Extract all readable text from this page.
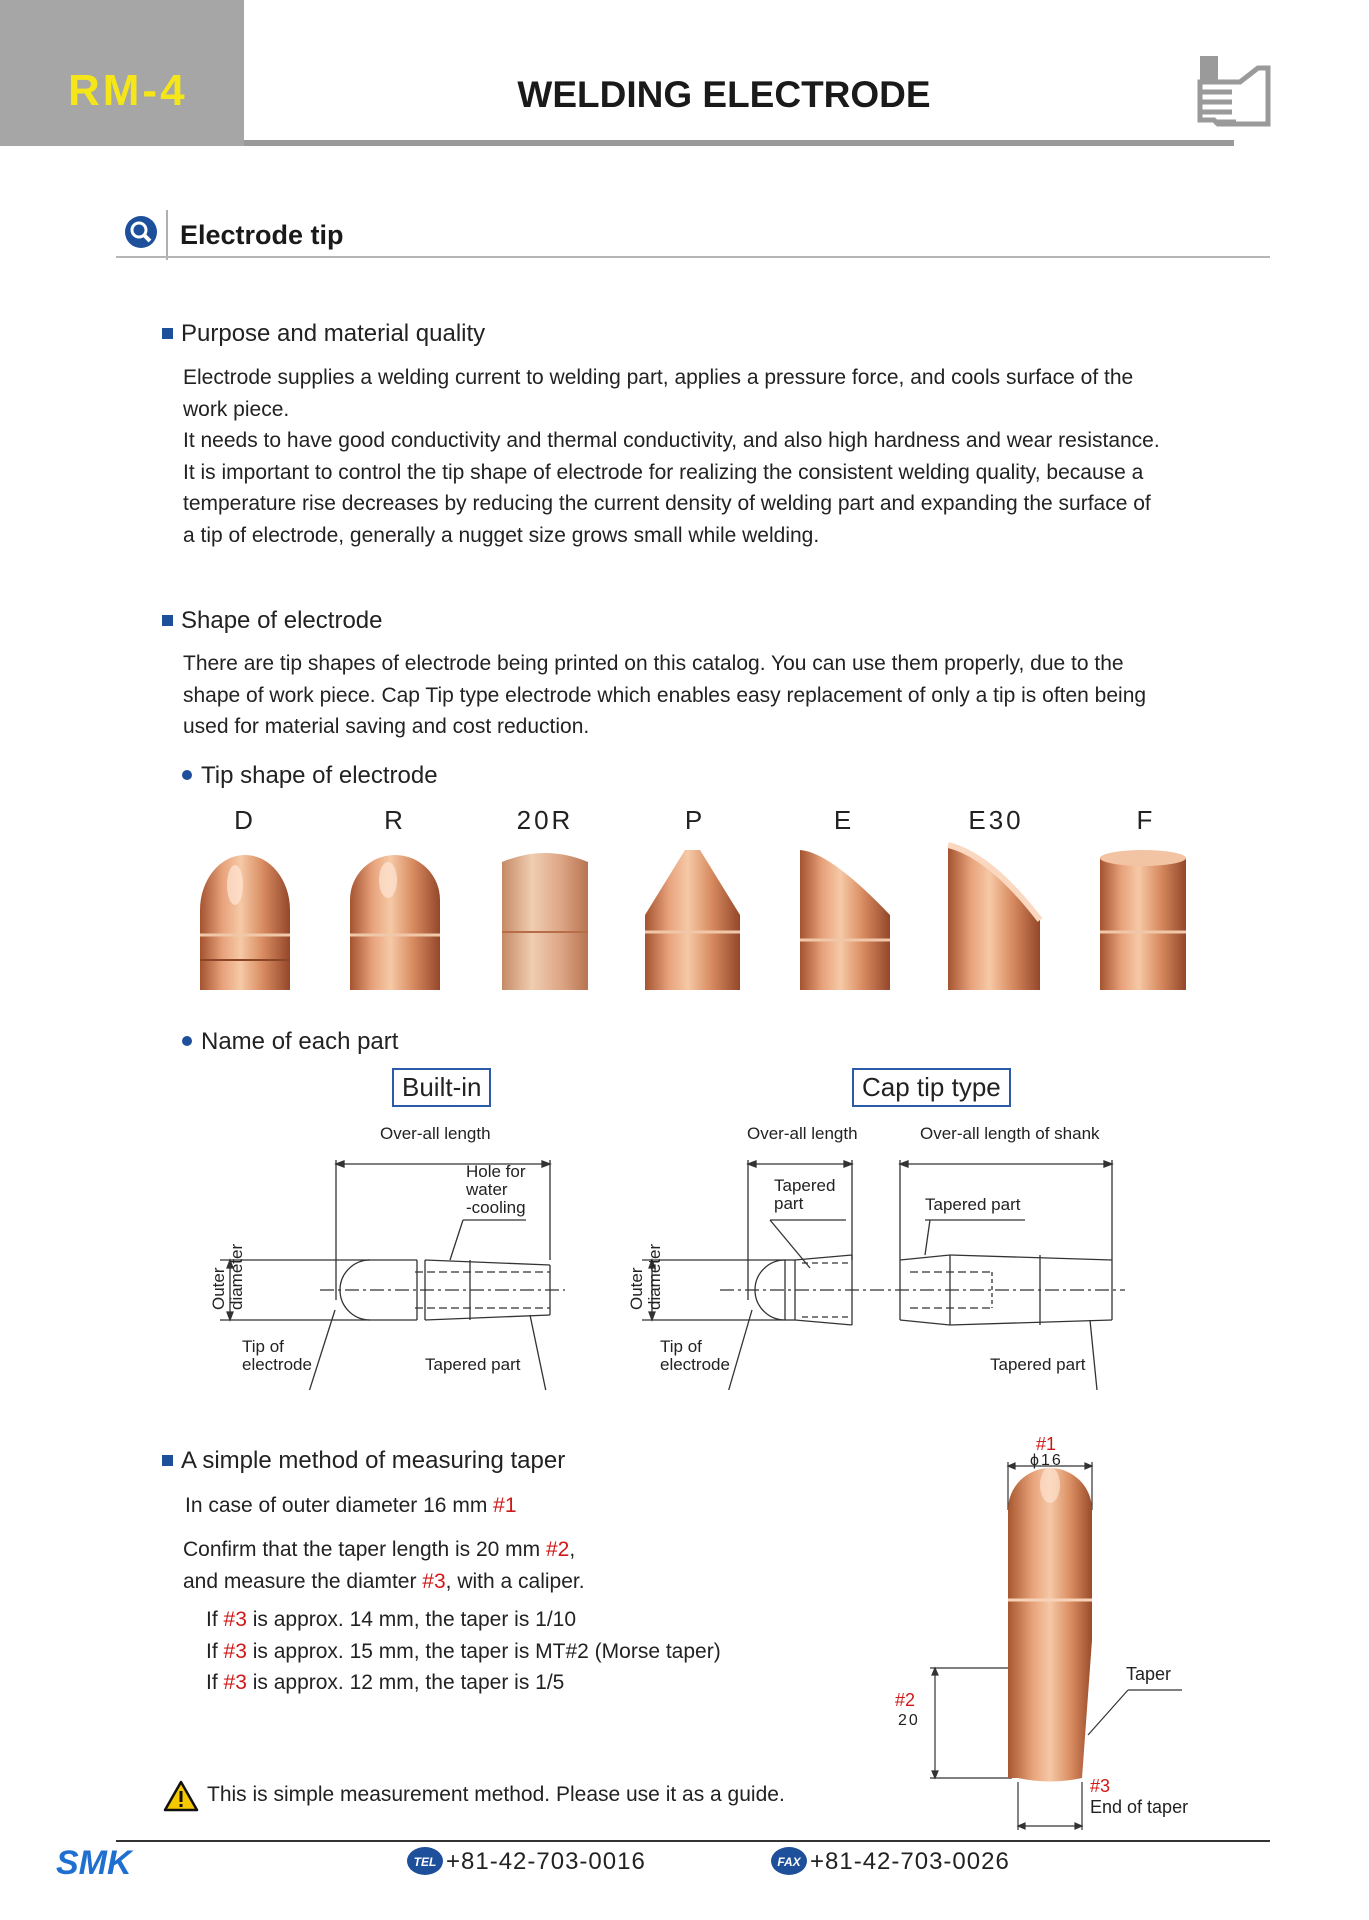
RM-4	WELDING ELECTRODE
Electrode tip
Purpose and material quality

Electrode supplies a welding current to welding part, applies a pressure force, and cools surface of the

work piece.

It needs to have good conductivity and thermal conductivity, and also high hardness and wear resistance.

It is important to control the tip shape of electrode for realizing the consistent welding quality, because a

temperature rise decreases by reducing the current density of welding part and expanding the surface of

a tip of electrode, generally a nugget size grows small while welding.

Shape of electrode

There are tip shapes of electrode being printed on this catalog. You can use them properly, due to the

shape of work piece. Cap Tip type electrode which enables easy replacement of only a tip is often being

used for material saving and cost reduction.

Tip shape of electrode
D	R	20R	P	E	E30	F
Name of each part
Built-in	Cap tip type
Over-all length
Hole for
water
-cooling
Outer diameter
Tip of
electrode	Tapered part
Over-all length	Over-all length of shank
Tapered
part	Tapered part
Outer diameter
Tip of
electrode	Tapered part
A simple method of measuring taper
In case of outer diameter 16 mm #1
Confirm that the taper length is 20 mm #2,
and measure the diamter #3, with a caliper.
If #3 is approx. 14 mm, the taper is 1/10
If #3 is approx. 15 mm, the taper is MT#2 (Morse taper)
If #3 is approx. 12 mm, the taper is 1/5
This is simple measurement method. Please use it as a guide.
#1
ϕ16
#2
20
Taper
#3
End of taper
SMK	TEL +81-42-703-0016	FAX +81-42-703-0026
